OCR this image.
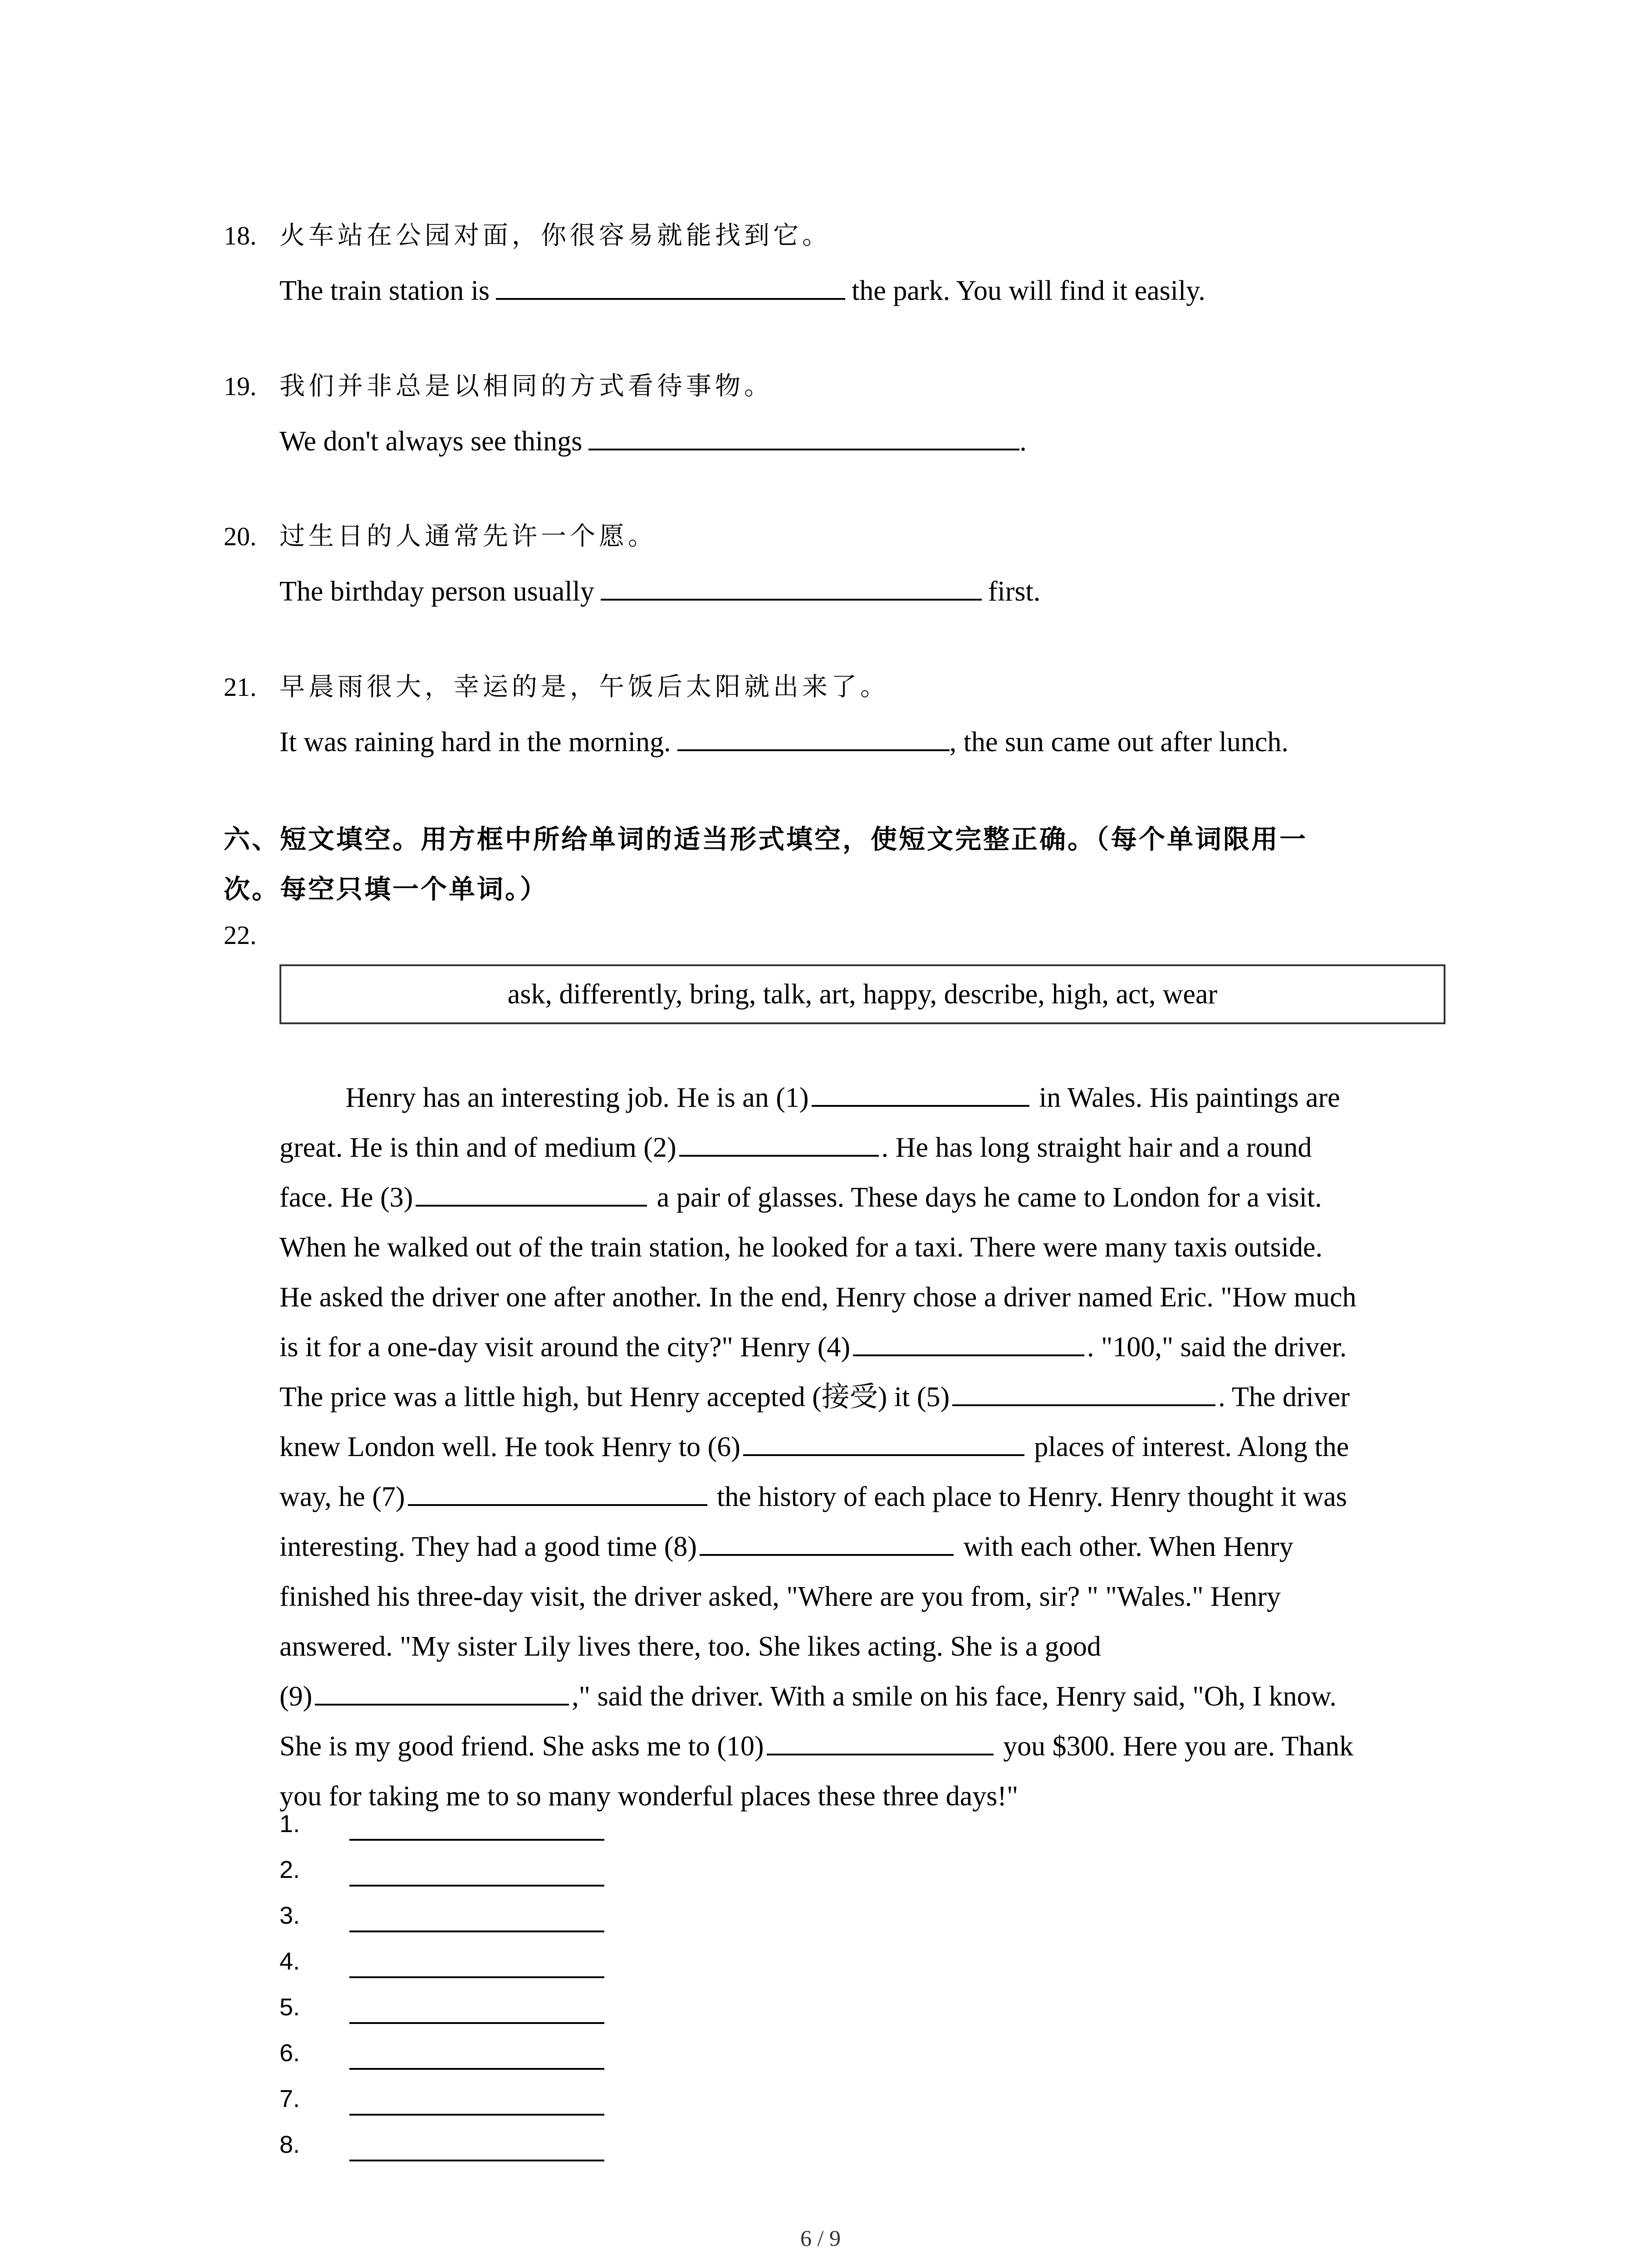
18. 火车站在公园对面，你很容易就能找到它。
The train station is	the park. You will find it easily.
19. 我们并非总是以相同的方式看待事物。
We don't always see things	.
20. 过生日的人通常先许一个愿。
The birthday person usually	first.
21. 早晨雨很大，幸运的是，午饭后太阳就出来了。
It was raining hard in the morning.	, the sun came out after lunch.
六、短文填空。用方框中所给单词的适当形式填空，使短文完整正确。（每个单词限用一
次。每空只填一个单词。）
22.
ask, differently, bring, talk, art, happy, describe, high, act, wear
Henry has an interesting job. He is an (1)	in Wales. His paintings are
great. He is thin and of medium (2)	. He has long straight hair and a round
face. He (3)	a pair of glasses. These days he came to London for a visit.
When he walked out of the train station, he looked for a taxi. There were many taxis outside.
He asked the driver one after another. In the end, Henry chose a driver named Eric. "How much
is it for a one-day visit around the city?" Henry (4)	. "100," said the driver.
The price was a little high, but Henry accepted (接受) it (5)	. The driver
knew London well. He took Henry to (6)	places of interest. Along the
way, he (7)	the history of each place to Henry. Henry thought it was
interesting. They had a good time (8)	with each other. When Henry
finished his three-day visit, the driver asked, "Where are you from, sir? " "Wales." Henry
answered. "My sister Lily lives there, too. She likes acting. She is a good
(9)	," said the driver. With a smile on his face, Henry said, "Oh, I know.
She is my good friend. She asks me to (10)	you $300. Here you are. Thank
you for taking me to so many wonderful places these three days!"
1.
2.
3.
4.
5.
6.
7.
8.
6 / 9
